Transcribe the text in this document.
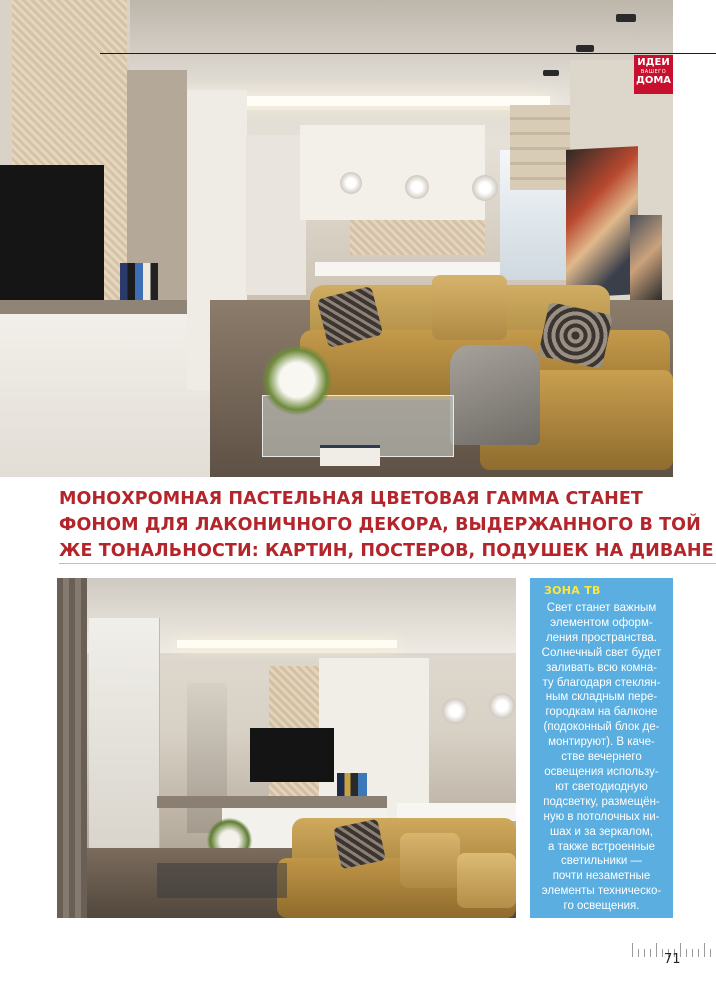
ИДЕИ
ВАШЕГО
ДОМА
МОНОХРОМНАЯ ПАСТЕЛЬНАЯ ЦВЕТОВАЯ ГАММА СТАНЕТ
ФОНОМ ДЛЯ ЛАКОНИЧНОГО ДЕКОРА, ВЫДЕРЖАННОГО В ТОЙ
ЖЕ ТОНАЛЬНОСТИ: КАРТИН, ПОСТЕРОВ, ПОДУШЕК НА ДИВАНЕ
ЗОНА ТВ
Свет станет важным
элементом оформ-
ления пространства.
Солнечный свет будет
заливать всю комна-
ту благодаря стеклян-
ным складным пере-
городкам на балконе
(подоконный блок де-
монтируют). В каче-
стве вечернего
освещения использу-
ют светодиодную
подсветку, размещён-
ную в потолочных ни-
шах и за зеркалом,
а также встроенные
светильники —
почти незаметные
элементы техническо-
го освещения.
71
